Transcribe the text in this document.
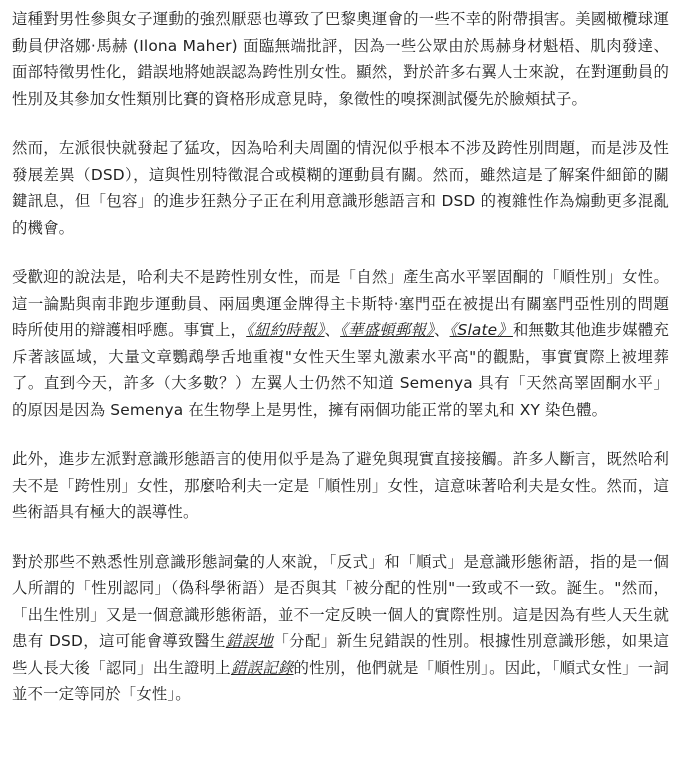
這種對男性參與女子運動的強烈厭惡也導致了巴黎奧運會的一些不幸的附帶損害。美國橄欖球運動員伊洛娜·馬赫 (Ilona Maher) 面臨無端批評，因為一些公眾由於馬赫身材魁梧、肌肉發達、面部特徵男性化，錯誤地將她誤認為跨性別女性。顯然，對於許多右翼人士來說，在對運動員的性別及其參加女性類別比賽的資格形成意見時，象徵性的嗅探測試優先於臉頰拭子。

然而，左派很快就發起了猛攻，因為哈利夫周圍的情況似乎根本不涉及跨性別問題，而是涉及性發展差異（DSD），這與性別特徵混合或模糊的運動員有關。然而，雖然這是了解案件細節的關鍵訊息，但「包容」的進步狂熱分子正在利用意識形態語言和 DSD 的複雜性作為煽動更多混亂的機會。

受歡迎的說法是，哈利夫不是跨性別女性，而是「自然」產生高水平睪固酮的「順性別」女性。這一論點與南非跑步運動員、兩屆奧運金牌得主卡斯特·塞門亞在被提出有關塞門亞性別的問題時所使用的辯護相呼應。事實上，《紐約時報》、《華盛頓郵報》、《Slate》和無數其他進步媒體充斥著該區域，大量文章鸚鵡學舌地重複"女性天生睪丸激素水平高"的觀點，事實實際上被埋葬了。直到今天，許多（大多數？）左翼人士仍然不知道 Semenya 具有「天然高睪固酮水平」的原因是因為 Semenya 在生物學上是男性，擁有兩個功能正常的睪丸和 XY 染色體。

此外，進步左派對意識形態語言的使用似乎是為了避免與現實直接接觸。許多人斷言，既然哈利夫不是「跨性別」女性，那麼哈利夫一定是「順性別」女性，這意味著哈利夫是女性。然而，這些術語具有極大的誤導性。

對於那些不熟悉性別意識形態詞彙的人來說，「反式」和「順式」是意識形態術語，指的是一個人所謂的「性別認同」（偽科學術語）是否與其「被分配的性別"一致或不一致。誕生。"然而，「出生性別」又是一個意識形態術語，並不一定反映一個人的實際性別。這是因為有些人天生就患有 DSD，這可能會導致醫生錯誤地「分配」新生兒錯誤的性別。根據性別意識形態，如果這些人長大後「認同」出生證明上錯誤記錄的性別，他們就是「順性別」。因此，「順式女性」一詞並不一定等同於「女性」。
